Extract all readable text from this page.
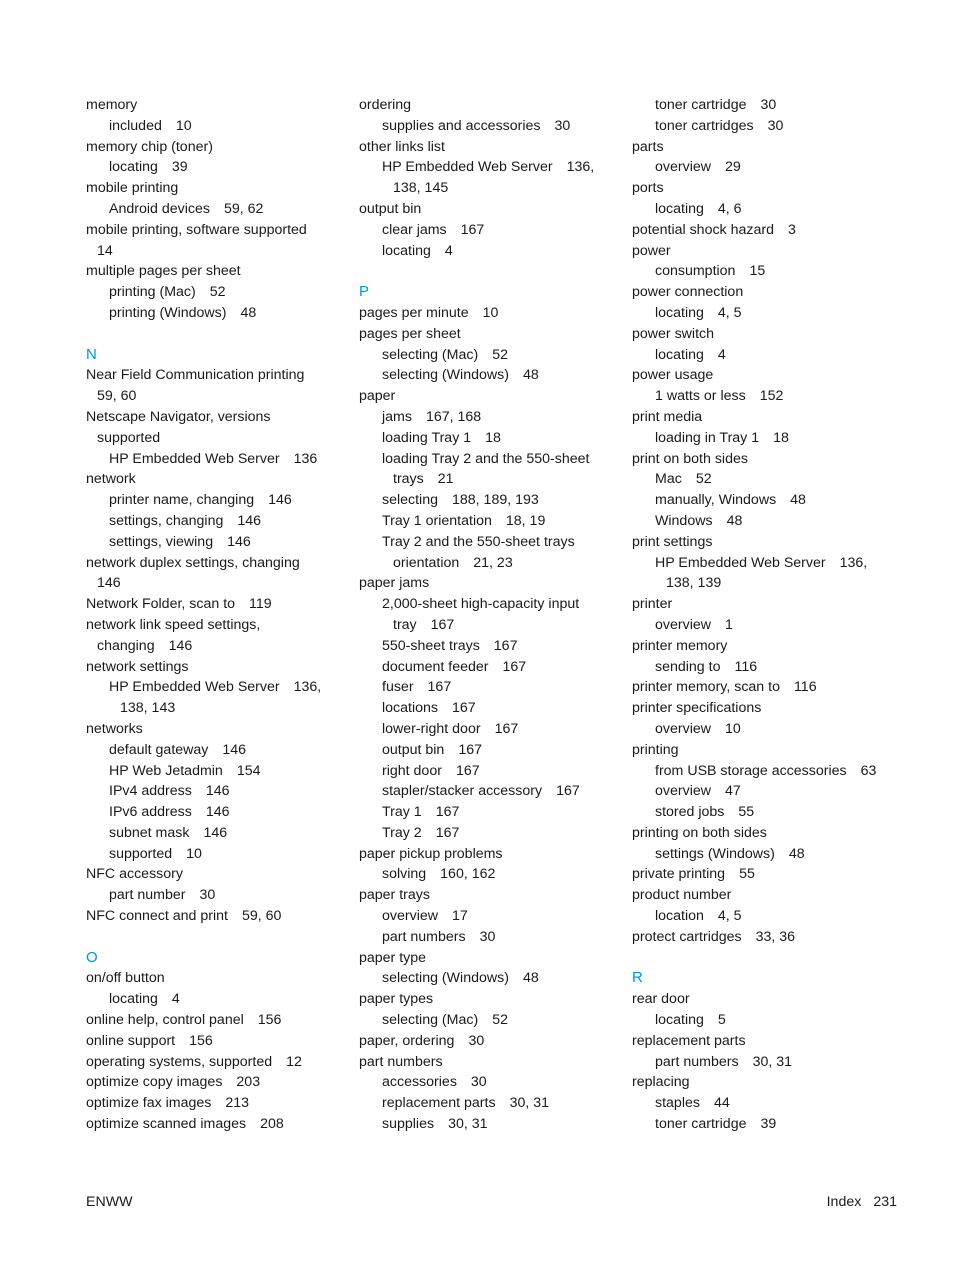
memory
included 10
memory chip (toner)
locating 39
mobile printing
Android devices 59, 62
mobile printing, software supported
14
multiple pages per sheet
printing (Mac) 52
printing (Windows) 48
N
Near Field Communication printing
59, 60
Netscape Navigator, versions
supported
HP Embedded Web Server 136
network
printer name, changing 146
settings, changing 146
settings, viewing 146
network duplex settings, changing
146
Network Folder, scan to 119
network link speed settings,
changing 146
network settings
HP Embedded Web Server 136,
138, 143
networks
default gateway 146
HP Web Jetadmin 154
IPv4 address 146
IPv6 address 146
subnet mask 146
supported 10
NFC accessory
part number 30
NFC connect and print 59, 60
O
on/off button
locating 4
online help, control panel 156
online support 156
operating systems, supported 12
optimize copy images 203
optimize fax images 213
optimize scanned images 208
ordering
supplies and accessories 30
other links list
HP Embedded Web Server 136,
138, 145
output bin
clear jams 167
locating 4
P
pages per minute 10
pages per sheet
selecting (Mac) 52
selecting (Windows) 48
paper
jams 167, 168
loading Tray 1 18
loading Tray 2 and the 550-sheet
trays 21
selecting 188, 189, 193
Tray 1 orientation 18, 19
Tray 2 and the 550-sheet trays
orientation 21, 23
paper jams
2,000-sheet high-capacity input
tray 167
550-sheet trays 167
document feeder 167
fuser 167
locations 167
lower-right door 167
output bin 167
right door 167
stapler/stacker accessory 167
Tray 1 167
Tray 2 167
paper pickup problems
solving 160, 162
paper trays
overview 17
part numbers 30
paper type
selecting (Windows) 48
paper types
selecting (Mac) 52
paper, ordering 30
part numbers
accessories 30
replacement parts 30, 31
supplies 30, 31
toner cartridge 30
toner cartridges 30
parts
overview 29
ports
locating 4, 6
potential shock hazard 3
power
consumption 15
power connection
locating 4, 5
power switch
locating 4
power usage
1 watts or less 152
print media
loading in Tray 1 18
print on both sides
Mac 52
manually, Windows 48
Windows 48
print settings
HP Embedded Web Server 136,
138, 139
printer
overview 1
printer memory
sending to 116
printer memory, scan to 116
printer specifications
overview 10
printing
from USB storage accessories 63
overview 47
stored jobs 55
printing on both sides
settings (Windows) 48
private printing 55
product number
location 4, 5
protect cartridges 33, 36
R
rear door
locating 5
replacement parts
part numbers 30, 31
replacing
staples 44
toner cartridge 39
ENWW	Index 231
